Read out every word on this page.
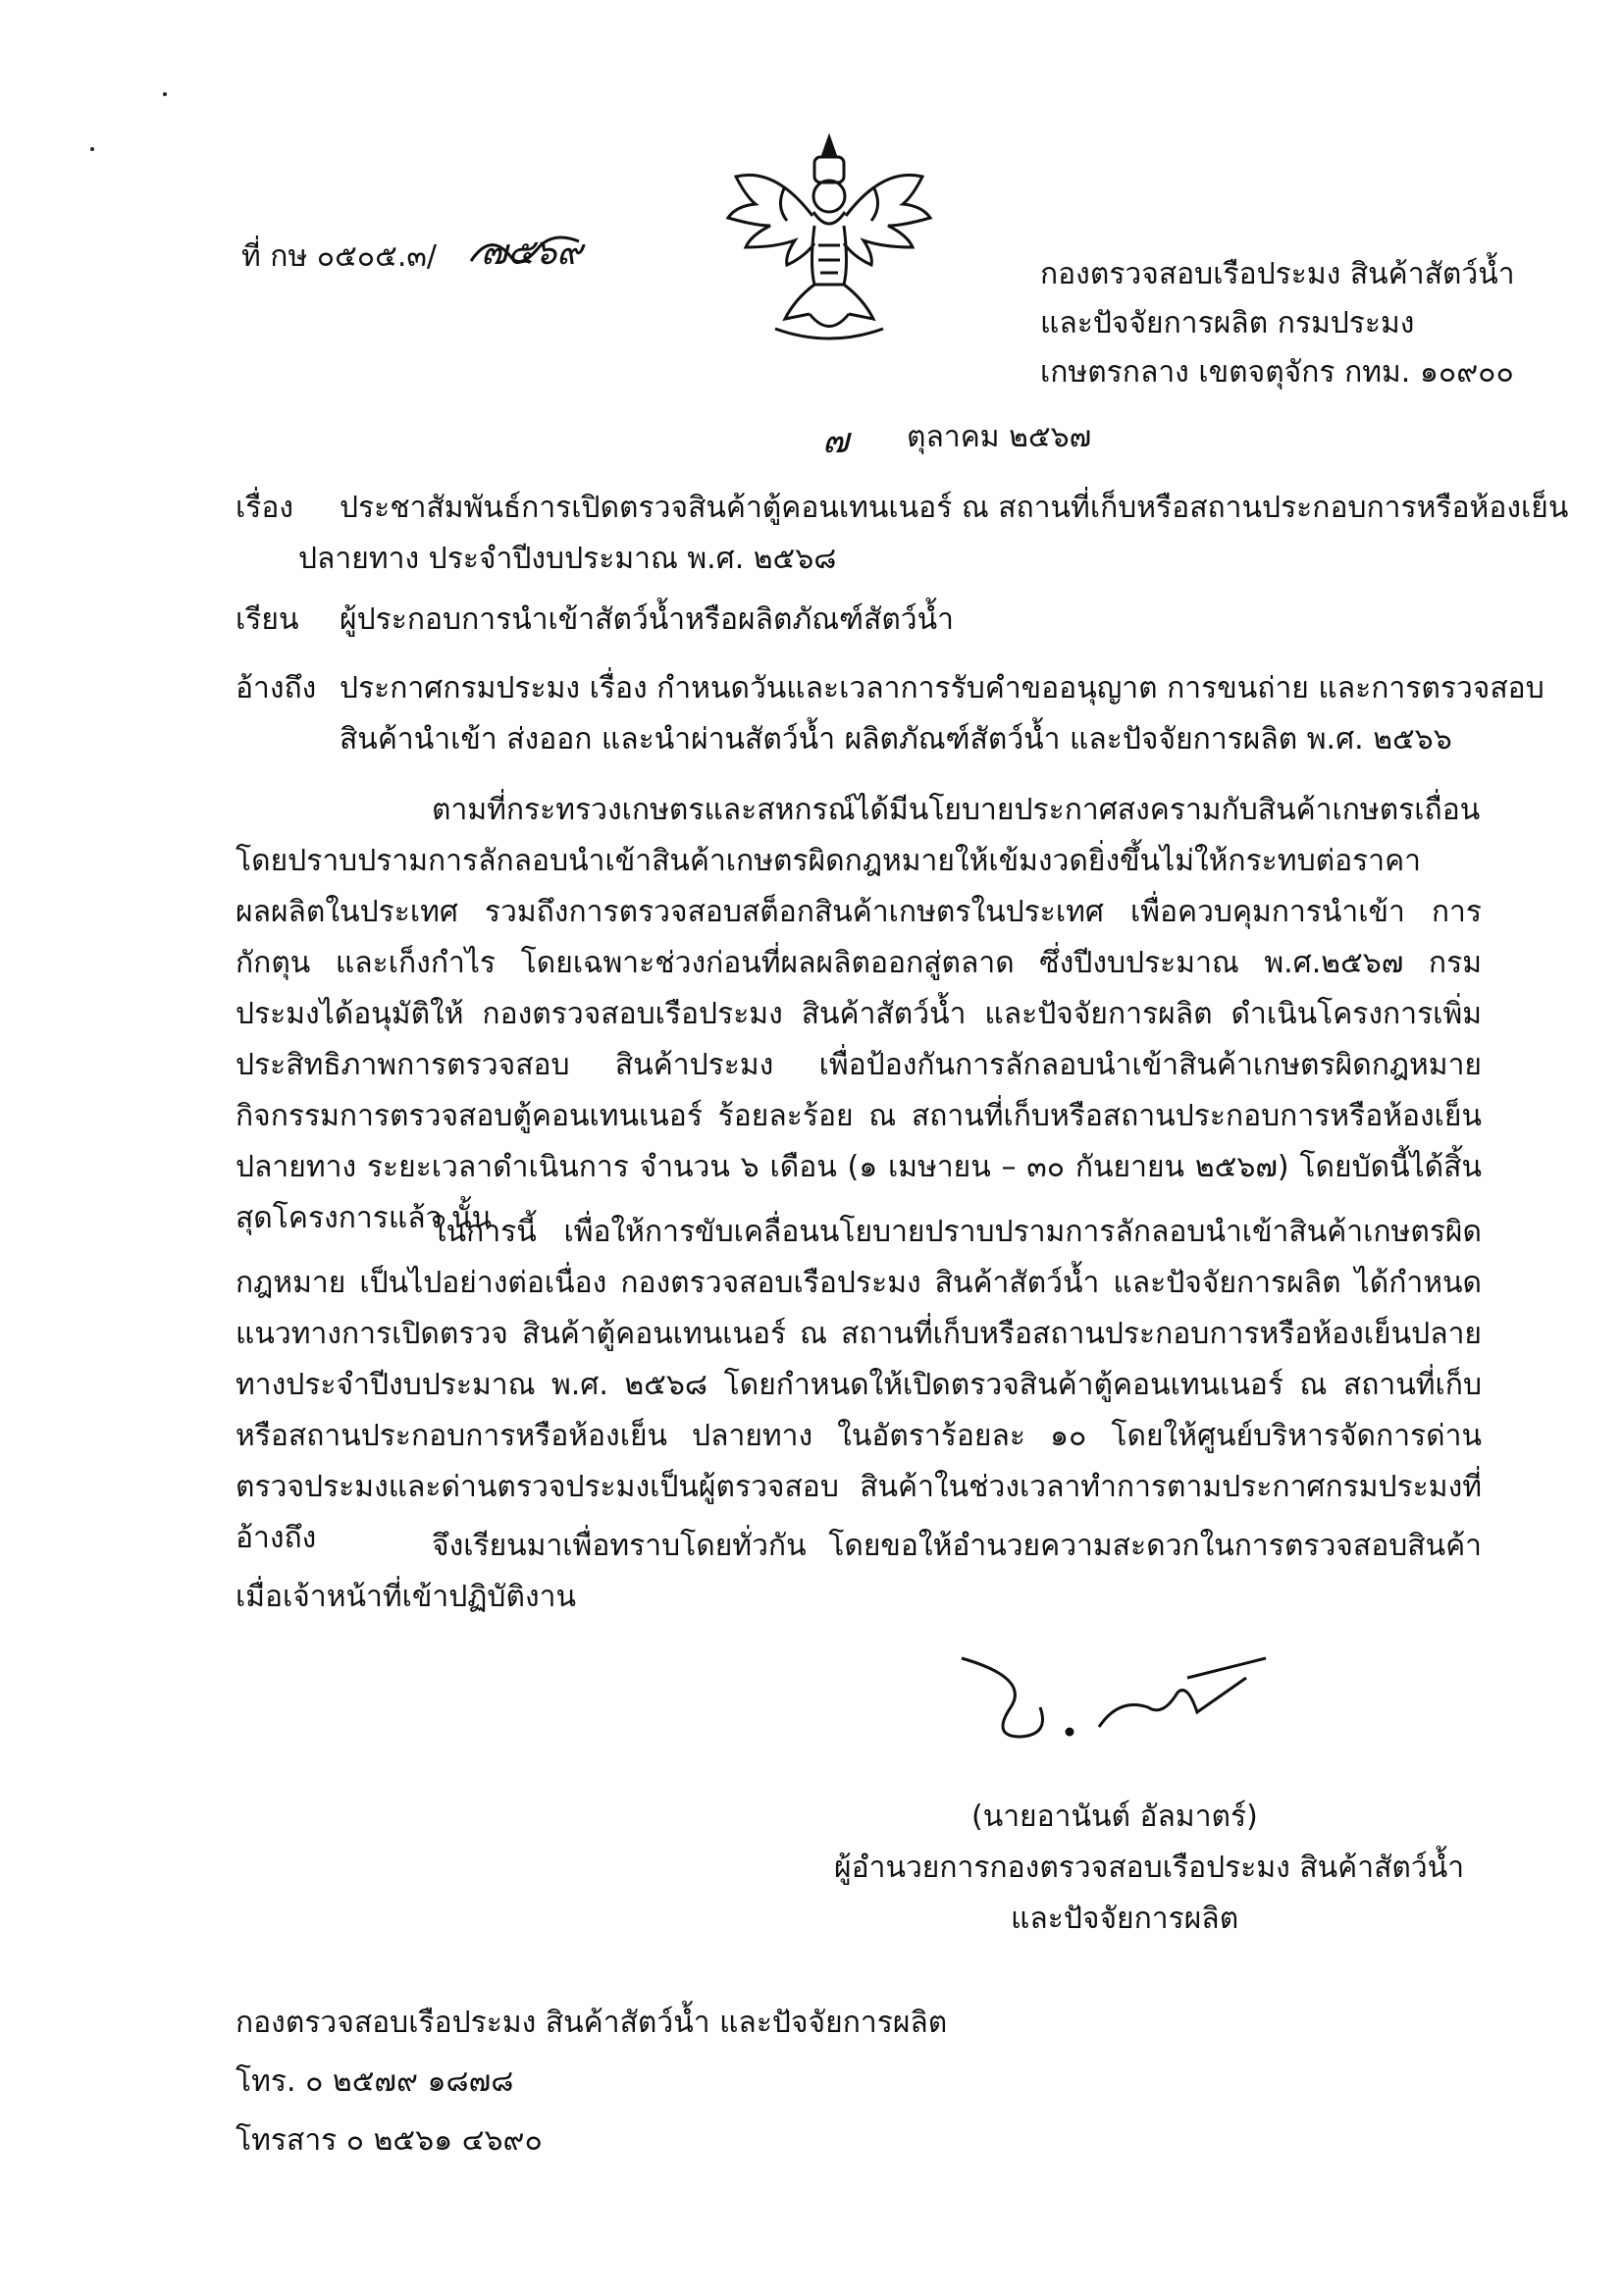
ที่ กษ ๐๕๐๕.๓/ ๗๕๖๙
กองตรวจสอบเรือประมง สินค้าสัตว์น้ำ
และปัจจัยการผลิต กรมประมง
เกษตรกลาง เขตจตุจักร กทม. ๑๐๙๐๐
๗ ตุลาคม ๒๕๖๗
เรื่อง ประชาสัมพันธ์การเปิดตรวจสินค้าตู้คอนเทนเนอร์ ณ สถานที่เก็บหรือสถานประกอบการหรือห้องเย็น
ปลายทาง ประจำปีงบประมาณ พ.ศ. ๒๕๖๘
เรียน ผู้ประกอบการนำเข้าสัตว์น้ำหรือผลิตภัณฑ์สัตว์น้ำ
อ้างถึง ประกาศกรมประมง เรื่อง กำหนดวันและเวลาการรับคำขออนุญาต การขนถ่าย และการตรวจสอบ
สินค้านำเข้า ส่งออก และนำผ่านสัตว์น้ำ ผลิตภัณฑ์สัตว์น้ำ และปัจจัยการผลิต พ.ศ. ๒๕๖๖
ตามที่กระทรวงเกษตรและสหกรณ์ได้มีนโยบายประกาศสงครามกับสินค้าเกษตรเถื่อน โดยปราบปรามการลักลอบนำเข้าสินค้าเกษตรผิดกฎหมายให้เข้มงวดยิ่งขึ้นไม่ให้กระทบต่อราคาผลผลิตในประเทศ รวมถึงการตรวจสอบสต็อกสินค้าเกษตรในประเทศ เพื่อควบคุมการนำเข้า การกักตุน และเก็งกำไร โดยเฉพาะช่วงก่อนที่ผลผลิตออกสู่ตลาด ซึ่งปีงบประมาณ พ.ศ.๒๕๖๗ กรมประมงได้อนุมัติให้ กองตรวจสอบเรือประมง สินค้าสัตว์น้ำ และปัจจัยการผลิต ดำเนินโครงการเพิ่มประสิทธิภาพการตรวจสอบ สินค้าประมง เพื่อป้องกันการลักลอบนำเข้าสินค้าเกษตรผิดกฎหมาย กิจกรรมการตรวจสอบตู้คอนเทนเนอร์ ร้อยละร้อย ณ สถานที่เก็บหรือสถานประกอบการหรือห้องเย็นปลายทาง ระยะเวลาดำเนินการ จำนวน ๖ เดือน (๑ เมษายน – ๓๐ กันยายน ๒๕๖๗) โดยบัดนี้ได้สิ้นสุดโครงการแล้ว นั้น
ในการนี้ เพื่อให้การขับเคลื่อนนโยบายปราบปรามการลักลอบนำเข้าสินค้าเกษตรผิดกฎหมาย เป็นไปอย่างต่อเนื่อง กองตรวจสอบเรือประมง สินค้าสัตว์น้ำ และปัจจัยการผลิต ได้กำหนดแนวทางการเปิดตรวจ สินค้าตู้คอนเทนเนอร์ ณ สถานที่เก็บหรือสถานประกอบการหรือห้องเย็นปลายทางประจำปีงบประมาณ พ.ศ. ๒๕๖๘ โดยกำหนดให้เปิดตรวจสินค้าตู้คอนเทนเนอร์ ณ สถานที่เก็บหรือสถานประกอบการหรือห้องเย็น ปลายทาง ในอัตราร้อยละ ๑๐ โดยให้ศูนย์บริหารจัดการด่านตรวจประมงและด่านตรวจประมงเป็นผู้ตรวจสอบ สินค้าในช่วงเวลาทำการตามประกาศกรมประมงที่อ้างถึง	จึงเรียนมาเพื่อทราบโดยทั่วกัน โดยขอให้อำนวยความสะดวกในการตรวจสอบสินค้า เมื่อเจ้าหน้าที่เข้าปฏิบัติงาน
(นายอานันต์ อัลมาตร์)
ผู้อำนวยการกองตรวจสอบเรือประมง สินค้าสัตว์น้ำ
และปัจจัยการผลิต
กองตรวจสอบเรือประมง สินค้าสัตว์น้ำ และปัจจัยการผลิต
โทร. ๐ ๒๕๗๙ ๑๘๗๘
โทรสาร ๐ ๒๕๖๑ ๔๖๙๐
